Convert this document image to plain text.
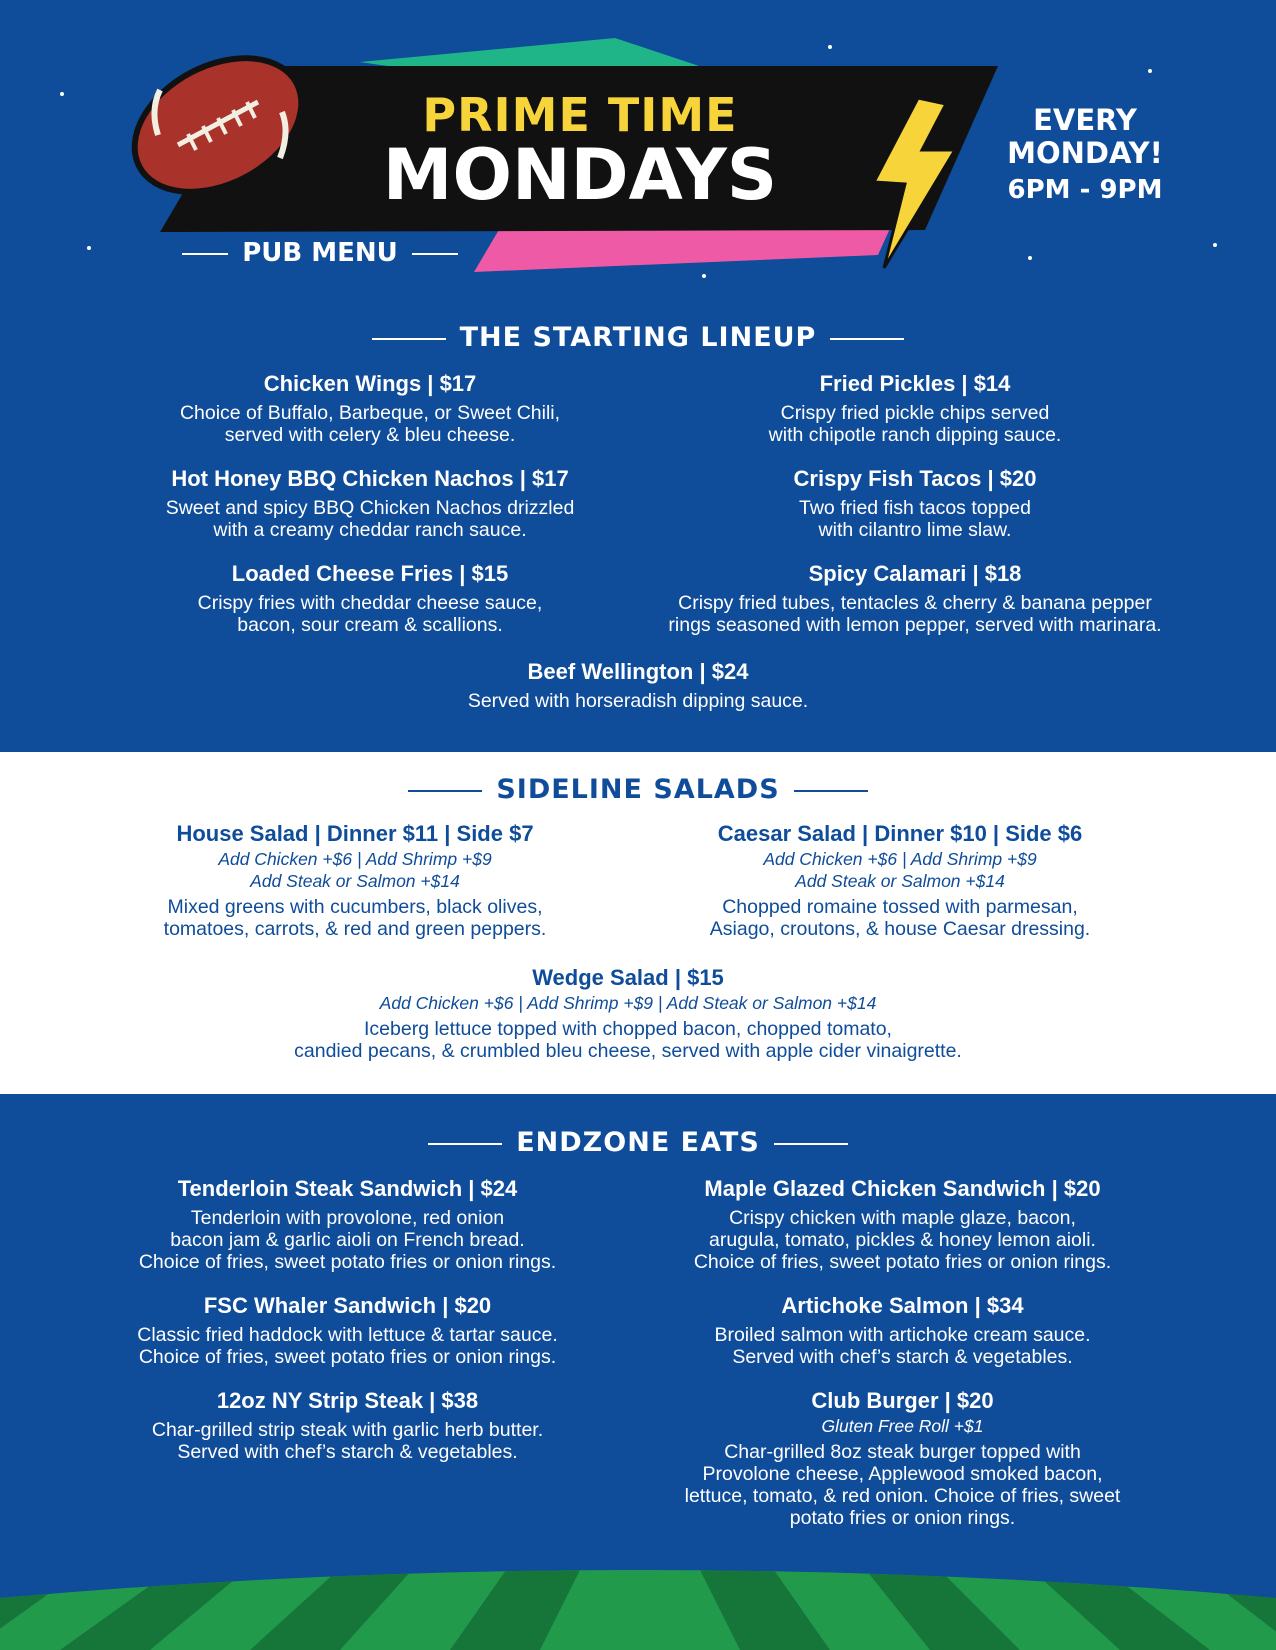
PRIME TIME
MONDAYS
PUB MENU
EVERY
MONDAY!
6PM - 9PM
THE STARTING LINEUP
Chicken Wings | $17
Choice of Buffalo, Barbeque, or Sweet Chili,
served with celery & bleu cheese.
Fried Pickles | $14
Crispy fried pickle chips served
with chipotle ranch dipping sauce.
Hot Honey BBQ Chicken Nachos | $17
Sweet and spicy BBQ Chicken Nachos drizzled
with a creamy cheddar ranch sauce.
Crispy Fish Tacos | $20
Two fried fish tacos topped
with cilantro lime slaw.
Loaded Cheese Fries | $15
Crispy fries with cheddar cheese sauce,
bacon, sour cream & scallions.
Spicy Calamari | $18
Crispy fried tubes, tentacles & cherry & banana pepper
rings seasoned with lemon pepper, served with marinara.
Beef Wellington | $24
Served with horseradish dipping sauce.
SIDELINE SALADS
House Salad | Dinner $11 | Side $7
Add Chicken +$6 | Add Shrimp +$9
Add Steak or Salmon +$14
Mixed greens with cucumbers, black olives,
tomatoes, carrots, & red and green peppers.
Caesar Salad | Dinner $10 | Side $6
Add Chicken +$6 | Add Shrimp +$9
Add Steak or Salmon +$14
Chopped romaine tossed with parmesan,
Asiago, croutons, & house Caesar dressing.
Wedge Salad | $15
Add Chicken +$6 | Add Shrimp +$9 | Add Steak or Salmon +$14
Iceberg lettuce topped with chopped bacon, chopped tomato,
candied pecans, & crumbled bleu cheese, served with apple cider vinaigrette.
ENDZONE EATS
Tenderloin Steak Sandwich | $24
Tenderloin with provolone, red onion
bacon jam & garlic aioli on French bread.
Choice of fries, sweet potato fries or onion rings.
Maple Glazed Chicken Sandwich | $20
Crispy chicken with maple glaze, bacon,
arugula, tomato, pickles & honey lemon aioli.
Choice of fries, sweet potato fries or onion rings.
FSC Whaler Sandwich | $20
Classic fried haddock with lettuce & tartar sauce.
Choice of fries, sweet potato fries or onion rings.
Artichoke Salmon | $34
Broiled salmon with artichoke cream sauce.
Served with chef’s starch & vegetables.
12oz NY Strip Steak | $38
Char-grilled strip steak with garlic herb butter.
Served with chef’s starch & vegetables.
Club Burger | $20
Gluten Free Roll +$1
Char-grilled 8oz steak burger topped with
Provolone cheese, Applewood smoked bacon,
lettuce, tomato, & red onion. Choice of fries, sweet
potato fries or onion rings.
